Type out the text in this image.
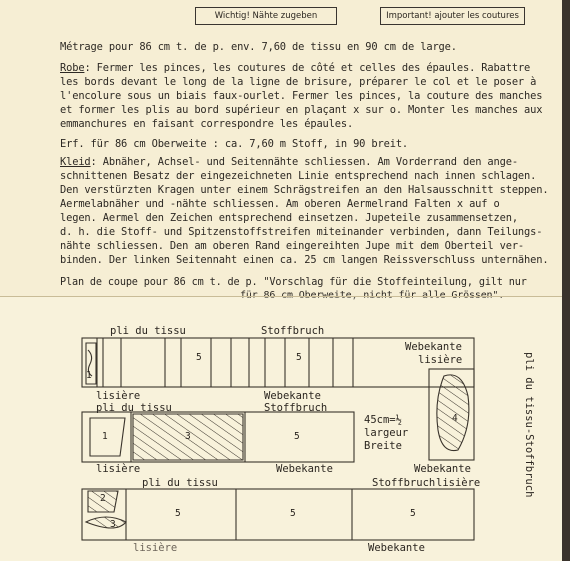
Wichtig! Nähte zugeben	Important! ajouter les coutures
Métrage pour 86 cm t. de p. env. 7,60 de tissu en 90 cm de large.
Robe: Fermer les pinces, les coutures de côté et celles des épaules. Rabattre
les bords devant le long de la ligne de brisure, préparer le col et le poser à
l'encolure sous un biais faux-ourlet. Fermer les pinces, la couture des manches
et former les plis au bord supérieur en plaçant x sur o. Monter les manches aux
emmanchures en faisant correspondre les épaules.
Erf. für 86 cm Oberweite : ca. 7,60 m Stoff, in 90 breit.
Kleid: Abnäher, Achsel- und Seitennähte schliessen. Am Vorderrand den ange-
schnittenen Besatz der eingezeichneten Linie entsprechend nach innen schlagen.
Den verstürzten Kragen unter einem Schrägstreifen an den Halsausschnitt steppen.
Aermelabnäher und -nähte schliessen. Am oberen Aermelrand Falten x auf o
legen. Aermel den Zeichen entsprechend einsetzen. Jupeteile zusammensetzen,
d. h. die Stoff- und Spitzenstoffstreifen miteinander verbinden, dann Teilungs-
nähte schliessen. Den am oberen Rand eingereihten Jupe mit dem Oberteil ver-
binden. Der linken Seitennaht einen ca. 25 cm langen Reissverschluss unternähen.
Plan de coupe pour 86 cm t. de p. "Vorschlag für die Stoffeinteilung, gilt nur
pli du tissu	Stoffbruch
Webekante
lisière
lisière
pli du tissu
Webekante
Stoffbruch
45cm=½
largeur
Breite
lisière	Webekante	Webekante
pli du tissu	Stoffbruch lisière
lisière	Webekante
pli du tissu-Stoffbruch
1
1
2
3
3
4
5	5
5
5	5	5
